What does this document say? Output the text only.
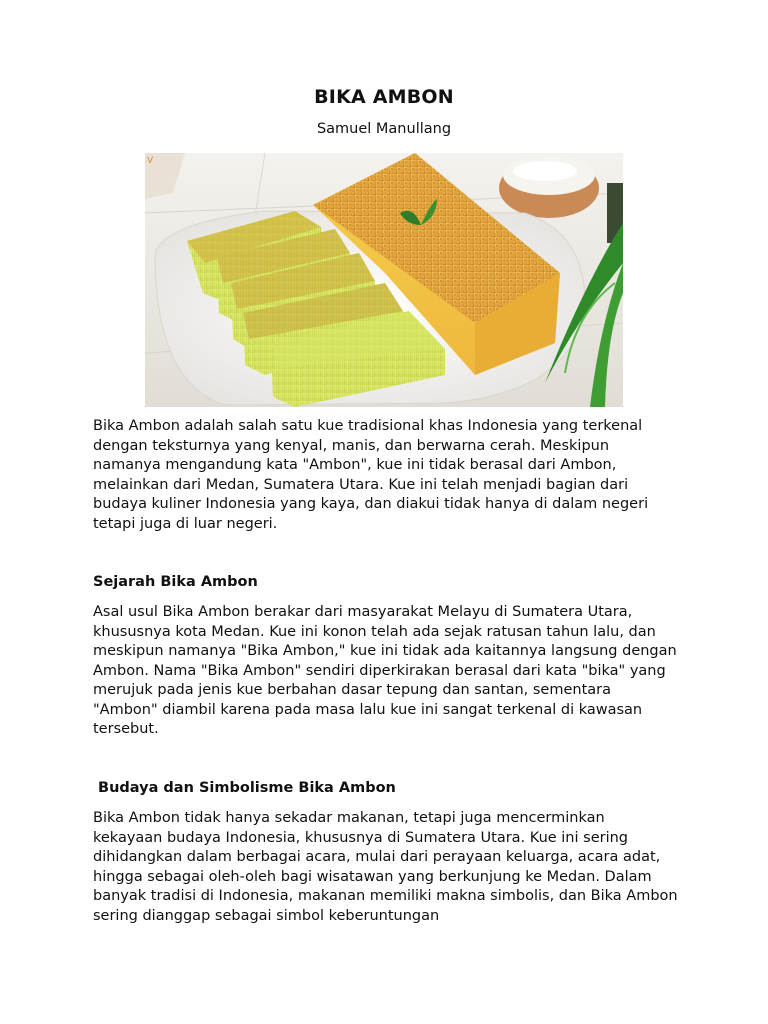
BIKA AMBON

Samuel Manullang

V

Bika Ambon adalah salah satu kue tradisional khas Indonesia yang terkenal dengan teksturnya yang kenyal, manis, dan berwarna cerah. Meskipun namanya mengandung kata "Ambon", kue ini tidak berasal dari Ambon, melainkan dari Medan, Sumatera Utara. Kue ini telah menjadi bagian dari budaya kuliner Indonesia yang kaya, dan diakui tidak hanya di dalam negeri tetapi juga di luar negeri.

Sejarah Bika Ambon

Asal usul Bika Ambon berakar dari masyarakat Melayu di Sumatera Utara, khususnya kota Medan. Kue ini konon telah ada sejak ratusan tahun lalu, dan meskipun namanya "Bika Ambon," kue ini tidak ada kaitannya langsung dengan Ambon. Nama "Bika Ambon" sendiri diperkirakan berasal dari kata "bika" yang merujuk pada jenis kue berbahan dasar tepung dan santan, sementara "Ambon" diambil karena pada masa lalu kue ini sangat terkenal di kawasan tersebut.

Budaya dan Simbolisme Bika Ambon

Bika Ambon tidak hanya sekadar makanan, tetapi juga mencerminkan kekayaan budaya Indonesia, khususnya di Sumatera Utara. Kue ini sering dihidangkan dalam berbagai acara, mulai dari perayaan keluarga, acara adat, hingga sebagai oleh-oleh bagi wisatawan yang berkunjung ke Medan. Dalam banyak tradisi di Indonesia, makanan memiliki makna simbolis, dan Bika Ambon sering dianggap sebagai simbol keberuntungan
